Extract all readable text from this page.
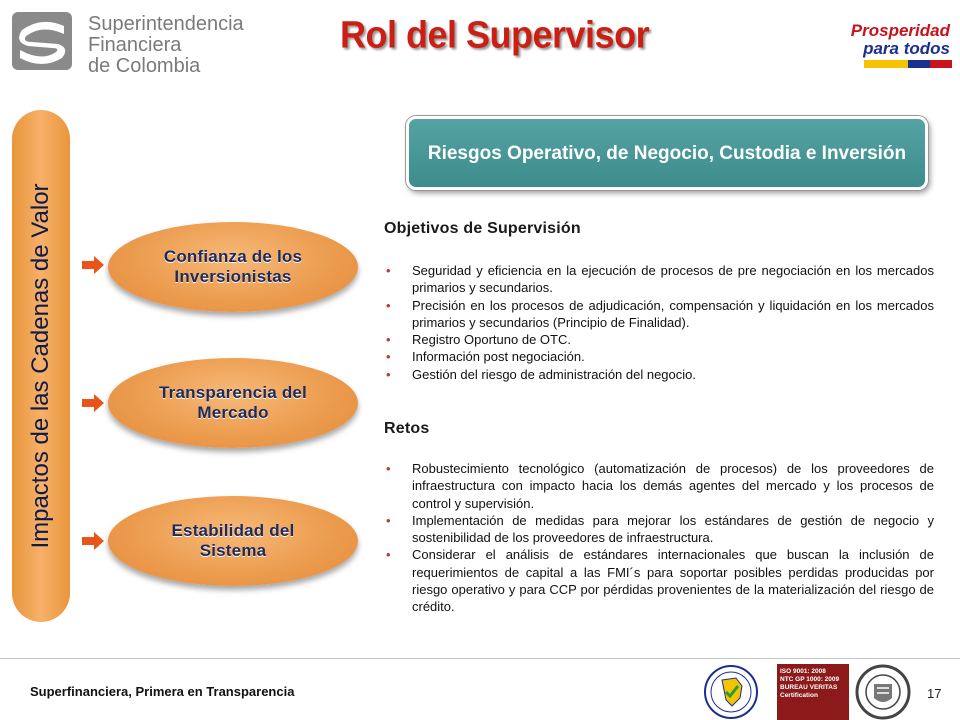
Superintendencia
Financiera
de Colombia
Rol del Supervisor	Prosperidad
para todos
Impactos de las Cadenas de Valor	Confianza de los Inversionistas
Transparencia del Mercado
Estabilidad del Sistema
Riesgos Operativo, de Negocio, Custodia e Inversión
Objetivos de Supervisión
• Seguridad y eficiencia en la ejecución de procesos de pre negociación en los mercados primarios y secundarios.
• Precisión en los procesos de adjudicación, compensación y liquidación en los mercados primarios y secundarios (Principio de Finalidad).
• Registro Oportuno de OTC.
• Información post negociación.
• Gestión del riesgo de administración del negocio.
Retos
• Robustecimiento tecnológico (automatización de procesos) de los proveedores de infraestructura con impacto hacia los demás agentes del mercado y los procesos de control y supervisión.
• Implementación de medidas para mejorar los estándares de gestión de negocio y sostenibilidad de los proveedores de infraestructura.
• Considerar el análisis de estándares internacionales que buscan la inclusión de requerimientos de capital a las FMI´s para soportar posibles perdidas producidas por riesgo operativo y para CCP por pérdidas provenientes de la materialización del riesgo de crédito.
Superfinanciera, Primera en Transparencia
ISO 9001: 2008
NTC GP 1000: 2009
BUREAU VERITAS
Certification	17
